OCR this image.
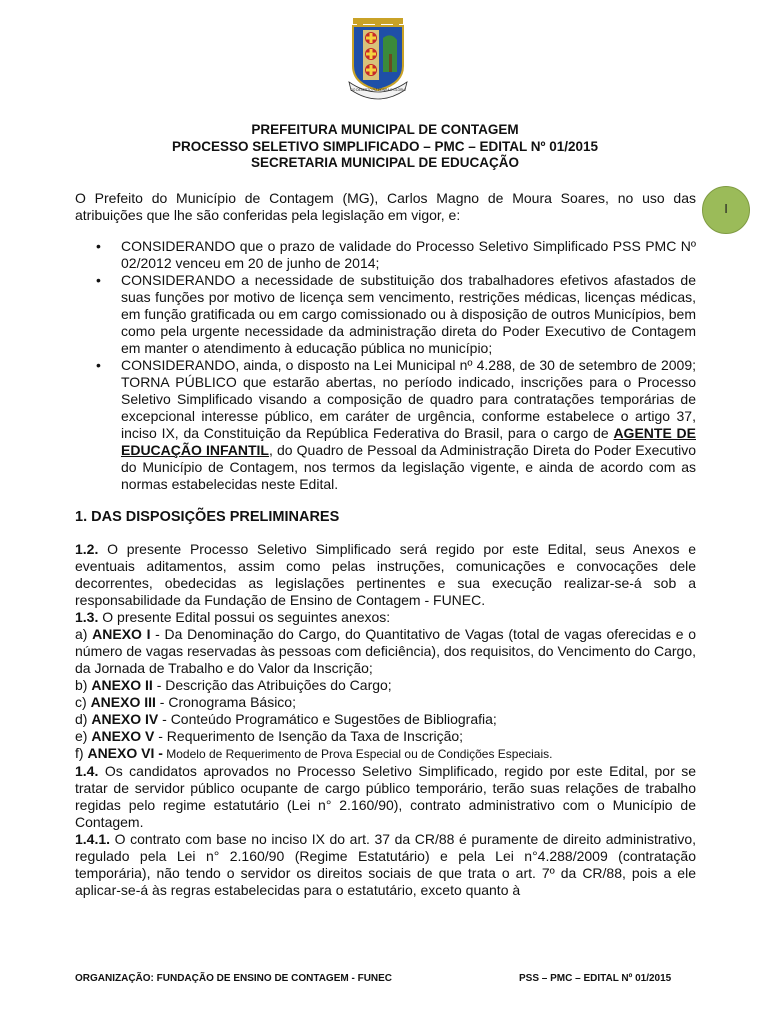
DO DESERTO FIZ HONRA E GLÓRIA
PREFEITURA MUNICIPAL DE CONTAGEM
PROCESSO SELETIVO SIMPLIFICADO – PMC – EDITAL Nº 01/2015
SECRETARIA MUNICIPAL DE EDUCAÇÃO
I

O Prefeito do Município de Contagem (MG), Carlos Magno de Moura Soares, no uso das atribuições que lhe são conferidas pela legislação em vigor, e:

• CONSIDERANDO que o prazo de validade do Processo Seletivo Simplificado PSS PMC Nº 02/2012 venceu em 20 de junho de 2014;
• CONSIDERANDO a necessidade de substituição dos trabalhadores efetivos afastados de suas funções por motivo de licença sem vencimento, restrições médicas, licenças médicas, em função gratificada ou em cargo comissionado ou à disposição de outros Municípios, bem como pela urgente necessidade da administração direta do Poder Executivo de Contagem em manter o atendimento à educação pública no município;
• CONSIDERANDO, ainda, o disposto na Lei Municipal nº 4.288, de 30 de setembro de 2009; TORNA PÚBLICO que estarão abertas, no período indicado, inscrições para o Processo Seletivo Simplificado visando a composição de quadro para contratações temporárias de excepcional interesse público, em caráter de urgência, conforme estabelece o artigo 37, inciso IX, da Constituição da República Federativa do Brasil, para o cargo de AGENTE DE EDUCAÇÃO INFANTIL, do Quadro de Pessoal da Administração Direta do Poder Executivo do Município de Contagem, nos termos da legislação vigente, e ainda de acordo com as normas estabelecidas neste Edital.

1. DAS DISPOSIÇÕES PRELIMINARES

1.2. O presente Processo Seletivo Simplificado será regido por este Edital, seus Anexos e eventuais aditamentos, assim como pelas instruções, comunicações e convocações dele decorrentes, obedecidas as legislações pertinentes e sua execução realizar-se-á sob a responsabilidade da Fundação de Ensino de Contagem - FUNEC.

1.3. O presente Edital possui os seguintes anexos:

a) ANEXO I - Da Denominação do Cargo, do Quantitativo de Vagas (total de vagas oferecidas e o número de vagas reservadas às pessoas com deficiência), dos requisitos, do Vencimento do Cargo, da Jornada de Trabalho e do Valor da Inscrição;

b) ANEXO II - Descrição das Atribuições do Cargo;

c) ANEXO III - Cronograma Básico;

d) ANEXO IV - Conteúdo Programático e Sugestões de Bibliografia;

e) ANEXO V - Requerimento de Isenção da Taxa de Inscrição;

f) ANEXO VI - Modelo de Requerimento de Prova Especial ou de Condições Especiais.

1.4. Os candidatos aprovados no Processo Seletivo Simplificado, regido por este Edital, por se tratar de servidor público ocupante de cargo público temporário, terão suas relações de trabalho regidas pelo regime estatutário (Lei n° 2.160/90), contrato administrativo com o Município de Contagem.

1.4.1. O contrato com base no inciso IX do art. 37 da CR/88 é puramente de direito administrativo, regulado pela Lei n° 2.160/90 (Regime Estatutário) e pela Lei n°4.288/2009 (contratação temporária), não tendo o servidor os direitos sociais de que trata o art. 7º da CR/88, pois a ele aplicar-se-á às regras estabelecidas para o estatutário, exceto quanto à

ORGANIZAÇÃO: FUNDAÇÃO DE ENSINO DE CONTAGEM - FUNEC	PSS – PMC – EDITAL Nº 01/2015
